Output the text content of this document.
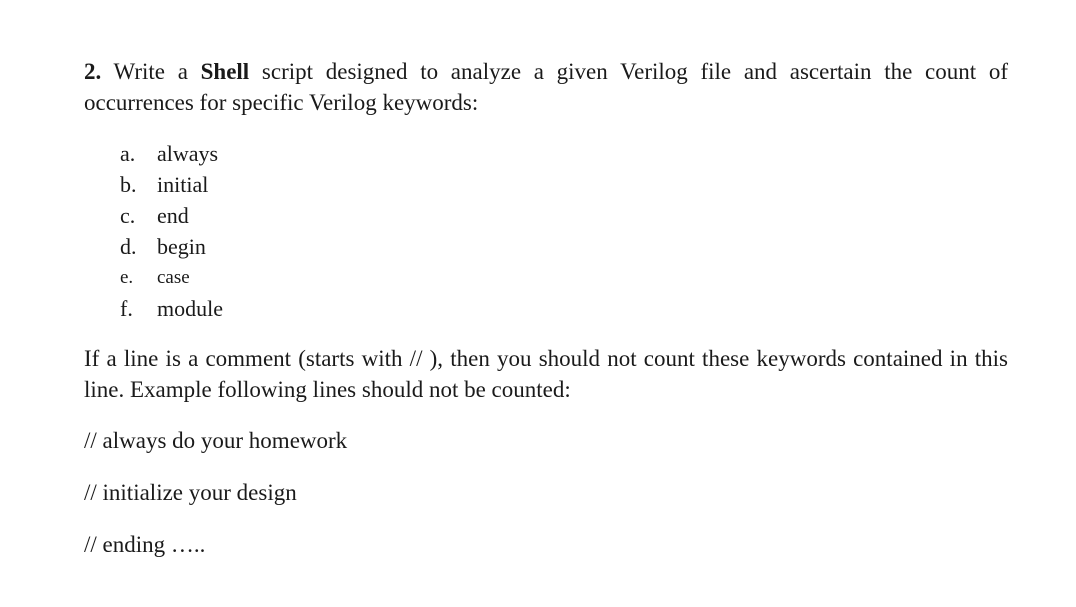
2. Write a Shell script designed to analyze a given Verilog file and ascertain the count of occurrences for specific Verilog keywords:
a. always
b. initial
c. end
d. begin
e. case
f. module
If a line is a comment (starts with // ), then you should not count these keywords contained in this line. Example following lines should not be counted:
// always do your homework
// initialize your design
// ending …..
